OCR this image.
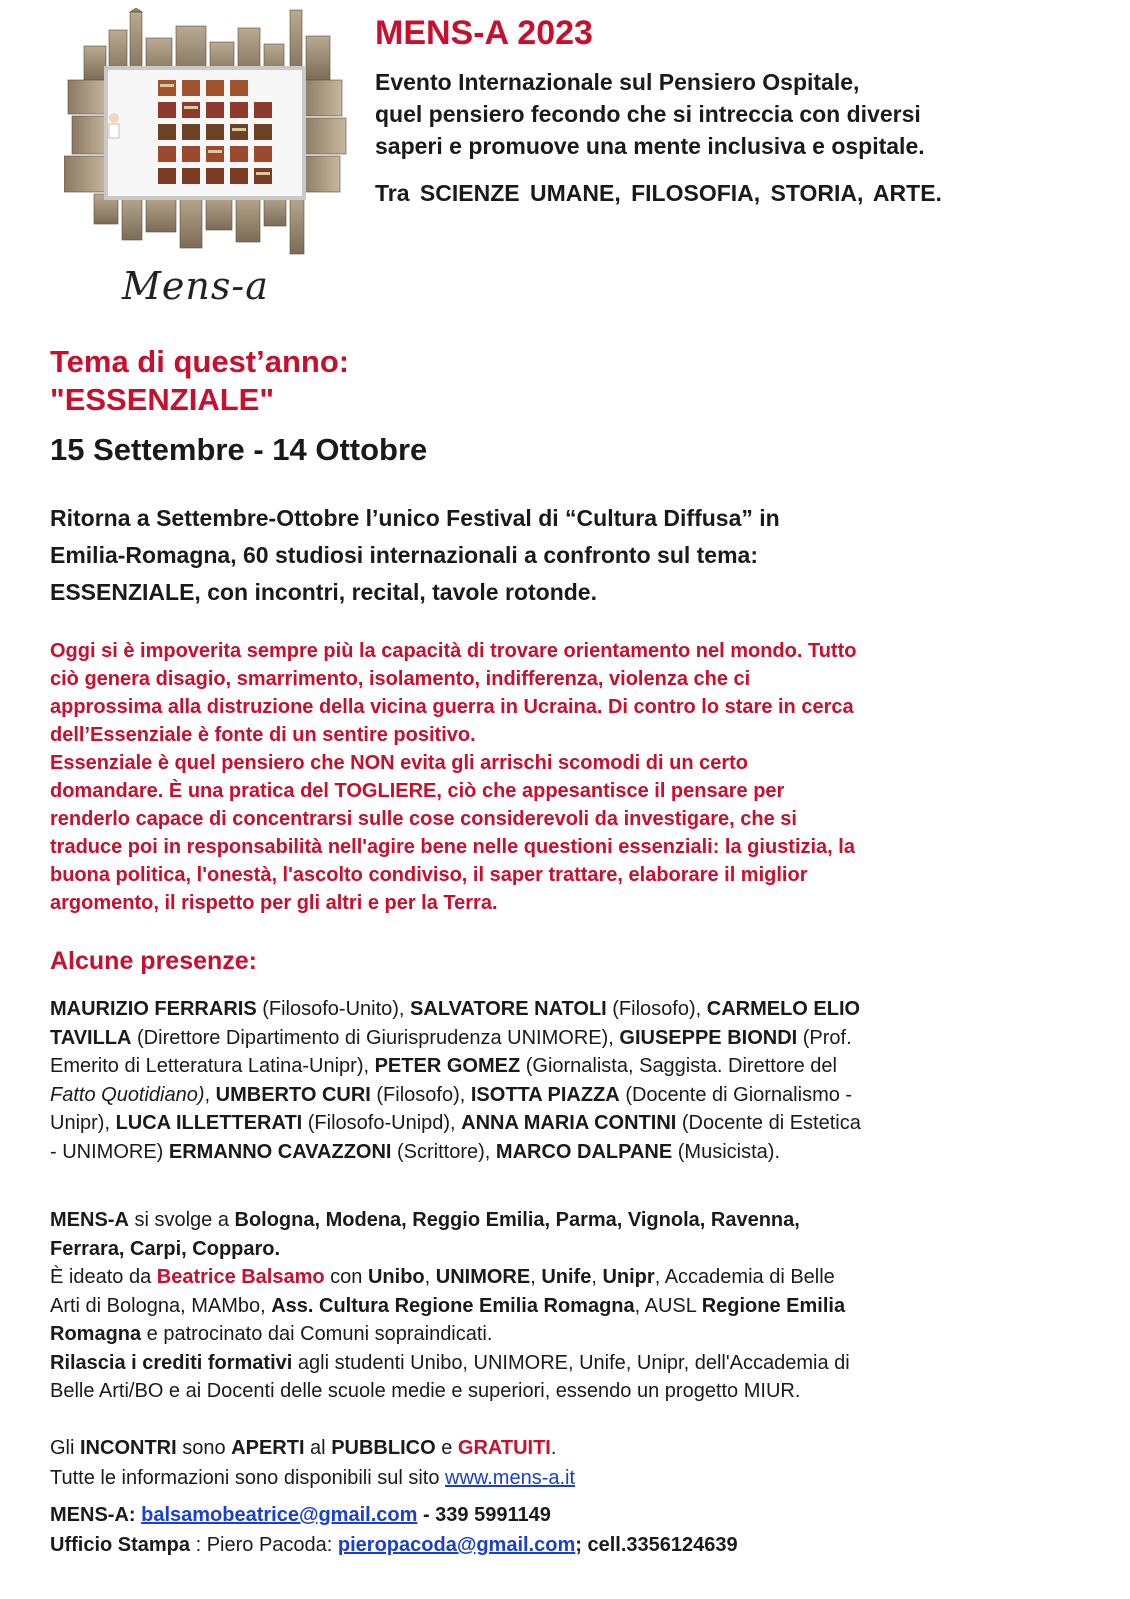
Mens-a
MENS-A 2023
Evento Internazionale sul Pensiero Ospitale,
quel pensiero fecondo che si intreccia con diversi
saperi e promuove una mente inclusiva e ospitale.
Tra SCIENZE UMANE, FILOSOFIA, STORIA, ARTE.
Tema di quest’anno:
"ESSENZIALE"
15 Settembre - 14 Ottobre
Ritorna a Settembre-Ottobre l’unico Festival di “Cultura Diffusa” in
Emilia-Romagna, 60 studiosi internazionali a confronto sul tema:
ESSENZIALE, con incontri, recital, tavole rotonde.
Oggi si è impoverita sempre più la capacità di trovare orientamento nel mondo. Tutto
ciò genera disagio, smarrimento, isolamento, indifferenza, violenza che ci
approssima alla distruzione della vicina guerra in Ucraina. Di contro lo stare in cerca
dell’Essenziale è fonte di un sentire positivo.
Essenziale è quel pensiero che NON evita gli arrischi scomodi di un certo
domandare. È una pratica del TOGLIERE, ciò che appesantisce il pensare per
renderlo capace di concentrarsi sulle cose considerevoli da investigare, che si
traduce poi in responsabilità nell'agire bene nelle questioni essenziali: la giustizia, la
buona politica, l'onestà, l'ascolto condiviso, il saper trattare, elaborare il miglior
argomento, il rispetto per gli altri e per la Terra.
Alcune presenze:
MAURIZIO FERRARIS (Filosofo-Unito), SALVATORE NATOLI (Filosofo), CARMELO ELIO
TAVILLA (Direttore Dipartimento di Giurisprudenza UNIMORE), GIUSEPPE BIONDI (Prof.
Emerito di Letteratura Latina-Unipr), PETER GOMEZ (Giornalista, Saggista. Direttore del
Fatto Quotidiano), UMBERTO CURI (Filosofo), ISOTTA PIAZZA (Docente di Giornalismo -
Unipr), LUCA ILLETTERATI (Filosofo-Unipd), ANNA MARIA CONTINI (Docente di Estetica
- UNIMORE) ERMANNO CAVAZZONI (Scrittore), MARCO DALPANE (Musicista).
MENS-A si svolge a Bologna, Modena, Reggio Emilia, Parma, Vignola, Ravenna,
Ferrara, Carpi, Copparo.
È ideato da Beatrice Balsamo con Unibo, UNIMORE, Unife, Unipr, Accademia di Belle
Arti di Bologna, MAMbo, Ass. Cultura Regione Emilia Romagna, AUSL Regione Emilia
Romagna e patrocinato dai Comuni sopraindicati.
Rilascia i crediti formativi agli studenti Unibo, UNIMORE, Unife, Unipr, dell'Accademia di
Belle Arti/BO e ai Docenti delle scuole medie e superiori, essendo un progetto MIUR.
Gli INCONTRI sono APERTI al PUBBLICO e GRATUITI.
Tutte le informazioni sono disponibili sul sito www.mens-a.it
MENS-A: balsamobeatrice@gmail.com - 339 5991149
Ufficio Stampa : Piero Pacoda: pieropacoda@gmail.com; cell.3356124639
